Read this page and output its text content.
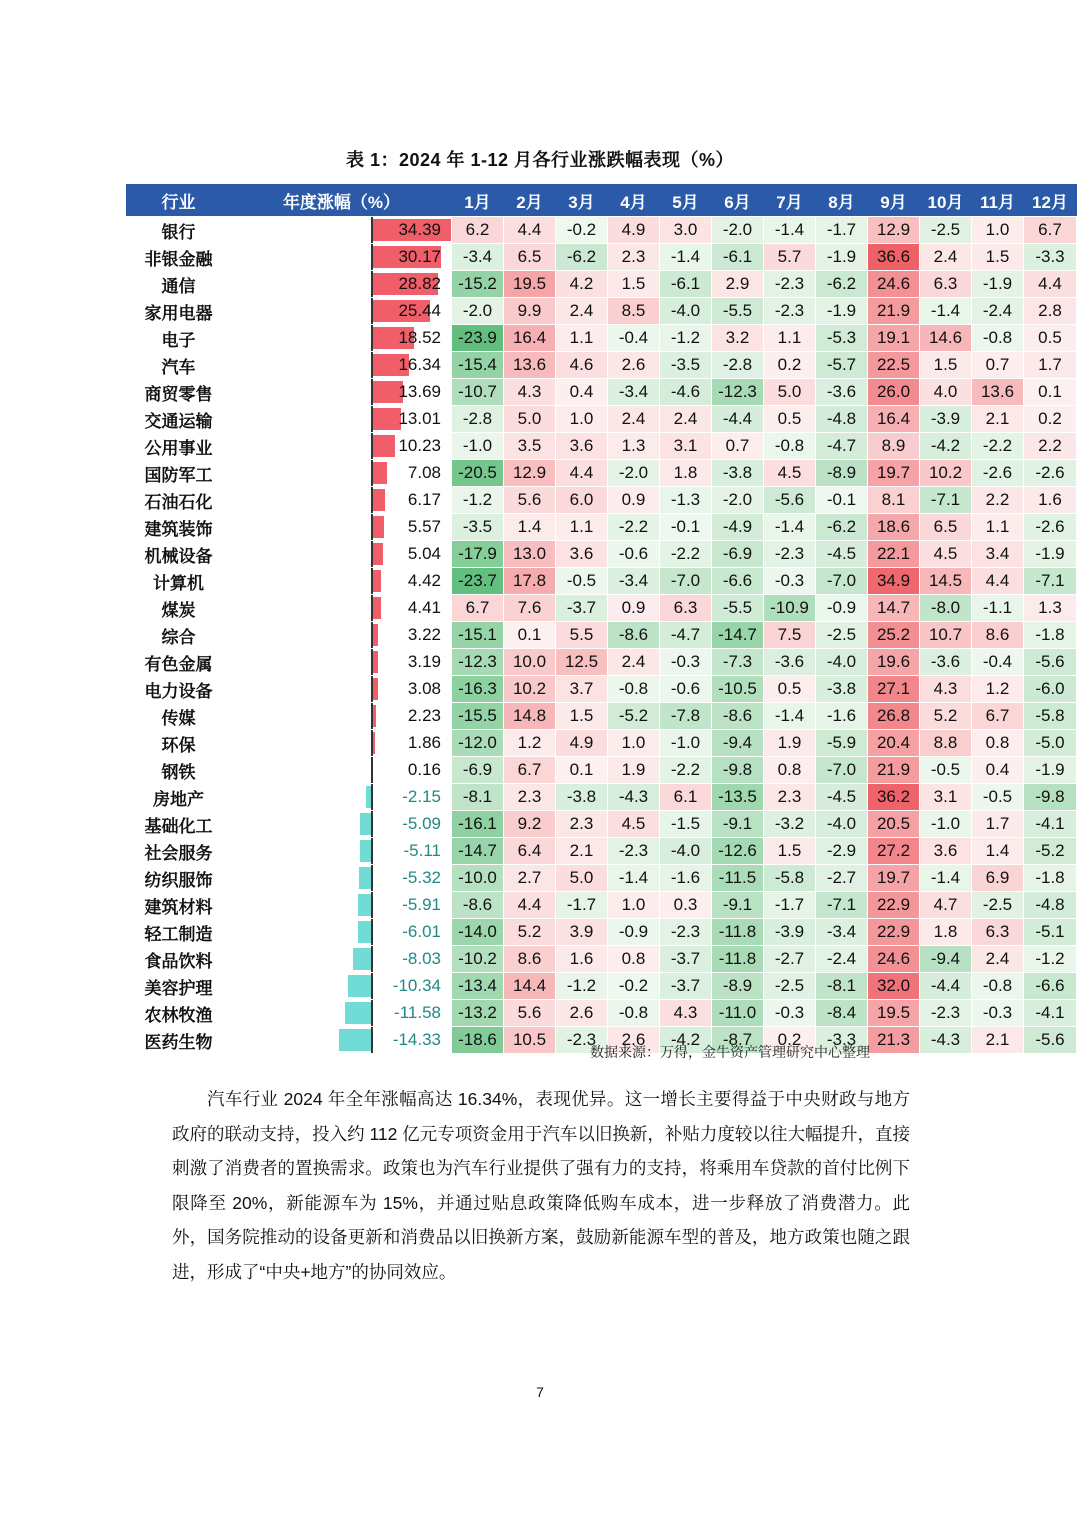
表 1：2024 年 1-12 月各行业涨跌幅表现（%）
行业	年度涨幅（%）	1月	2月	3月	4月	5月	6月	7月	8月	9月	10月	11月	12月
银行	34.39	6.2	4.4	-0.2	4.9	3.0	-2.0	-1.4	-1.7	12.9	-2.5	1.0	6.7
非银金融	30.17	-3.4	6.5	-6.2	2.3	-1.4	-6.1	5.7	-1.9	36.6	2.4	1.5	-3.3
通信	28.82	-15.2	19.5	4.2	1.5	-6.1	2.9	-2.3	-6.2	24.6	6.3	-1.9	4.4
家用电器	25.44	-2.0	9.9	2.4	8.5	-4.0	-5.5	-2.3	-1.9	21.9	-1.4	-2.4	2.8
电子	18.52	-23.9	16.4	1.1	-0.4	-1.2	3.2	1.1	-5.3	19.1	14.6	-0.8	0.5
汽车	16.34	-15.4	13.6	4.6	2.6	-3.5	-2.8	0.2	-5.7	22.5	1.5	0.7	1.7
商贸零售	13.69	-10.7	4.3	0.4	-3.4	-4.6	-12.3	5.0	-3.6	26.0	4.0	13.6	0.1
交通运输	13.01	-2.8	5.0	1.0	2.4	2.4	-4.4	0.5	-4.8	16.4	-3.9	2.1	0.2
公用事业	10.23	-1.0	3.5	3.6	1.3	3.1	0.7	-0.8	-4.7	8.9	-4.2	-2.2	2.2
国防军工	7.08	-20.5	12.9	4.4	-2.0	1.8	-3.8	4.5	-8.9	19.7	10.2	-2.6	-2.6
石油石化	6.17	-1.2	5.6	6.0	0.9	-1.3	-2.0	-5.6	-0.1	8.1	-7.1	2.2	1.6
建筑装饰	5.57	-3.5	1.4	1.1	-2.2	-0.1	-4.9	-1.4	-6.2	18.6	6.5	1.1	-2.6
机械设备	5.04	-17.9	13.0	3.6	-0.6	-2.2	-6.9	-2.3	-4.5	22.1	4.5	3.4	-1.9
计算机	4.42	-23.7	17.8	-0.5	-3.4	-7.0	-6.6	-0.3	-7.0	34.9	14.5	4.4	-7.1
煤炭	4.41	6.7	7.6	-3.7	0.9	6.3	-5.5	-10.9	-0.9	14.7	-8.0	-1.1	1.3
综合	3.22	-15.1	0.1	5.5	-8.6	-4.7	-14.7	7.5	-2.5	25.2	10.7	8.6	-1.8
有色金属	3.19	-12.3	10.0	12.5	2.4	-0.3	-7.3	-3.6	-4.0	19.6	-3.6	-0.4	-5.6
电力设备	3.08	-16.3	10.2	3.7	-0.8	-0.6	-10.5	0.5	-3.8	27.1	4.3	1.2	-6.0
传媒	2.23	-15.5	14.8	1.5	-5.2	-7.8	-8.6	-1.4	-1.6	26.8	5.2	6.7	-5.8
环保	1.86	-12.0	1.2	4.9	1.0	-1.0	-9.4	1.9	-5.9	20.4	8.8	0.8	-5.0
钢铁	0.16	-6.9	6.7	0.1	1.9	-2.2	-9.8	0.8	-7.0	21.9	-0.5	0.4	-1.9
房地产	-2.15	-8.1	2.3	-3.8	-4.3	6.1	-13.5	2.3	-4.5	36.2	3.1	-0.5	-9.8
基础化工	-5.09	-16.1	9.2	2.3	4.5	-1.5	-9.1	-3.2	-4.0	20.5	-1.0	1.7	-4.1
社会服务	-5.11	-14.7	6.4	2.1	-2.3	-4.0	-12.6	1.5	-2.9	27.2	3.6	1.4	-5.2
纺织服饰	-5.32	-10.0	2.7	5.0	-1.4	-1.6	-11.5	-5.8	-2.7	19.7	-1.4	6.9	-1.8
建筑材料	-5.91	-8.6	4.4	-1.7	1.0	0.3	-9.1	-1.7	-7.1	22.9	4.7	-2.5	-4.8
轻工制造	-6.01	-14.0	5.2	3.9	-0.9	-2.3	-11.8	-3.9	-3.4	22.9	1.8	6.3	-5.1
食品饮料	-8.03	-10.2	8.6	1.6	0.8	-3.7	-11.8	-2.7	-2.4	24.6	-9.4	2.4	-1.2
美容护理	-10.34	-13.4	14.4	-1.2	-0.2	-3.7	-8.9	-2.5	-8.1	32.0	-4.4	-0.8	-6.6
农林牧渔	-11.58	-13.2	5.6	2.6	-0.8	4.3	-11.0	-0.3	-8.4	19.5	-2.3	-0.3	-4.1
医药生物	-14.33	-18.6	10.5	-2.3	2.6	-4.2	-8.7	0.2	-3.3	21.3	-4.3	2.1	-5.6
数据来源：万得，金牛资产管理研究中心整理

汽车行业 2024 年全年涨幅高达 16.34%，表现优异。这一增长主要得益于中央财政与地方政府的联动支持，投入约 112 亿元专项资金用于汽车以旧换新，补贴力度较以往大幅提升，直接刺激了消费者的置换需求。政策也为汽车行业提供了强有力的支持，将乘用车贷款的首付比例下限降至 20%，新能源车为 15%，并通过贴息政策降低购车成本，进一步释放了消费潜力。此外，国务院推动的设备更新和消费品以旧换新方案，鼓励新能源车型的普及，地方政策也随之跟进，形成了“中央+地方”的协同效应。

7
